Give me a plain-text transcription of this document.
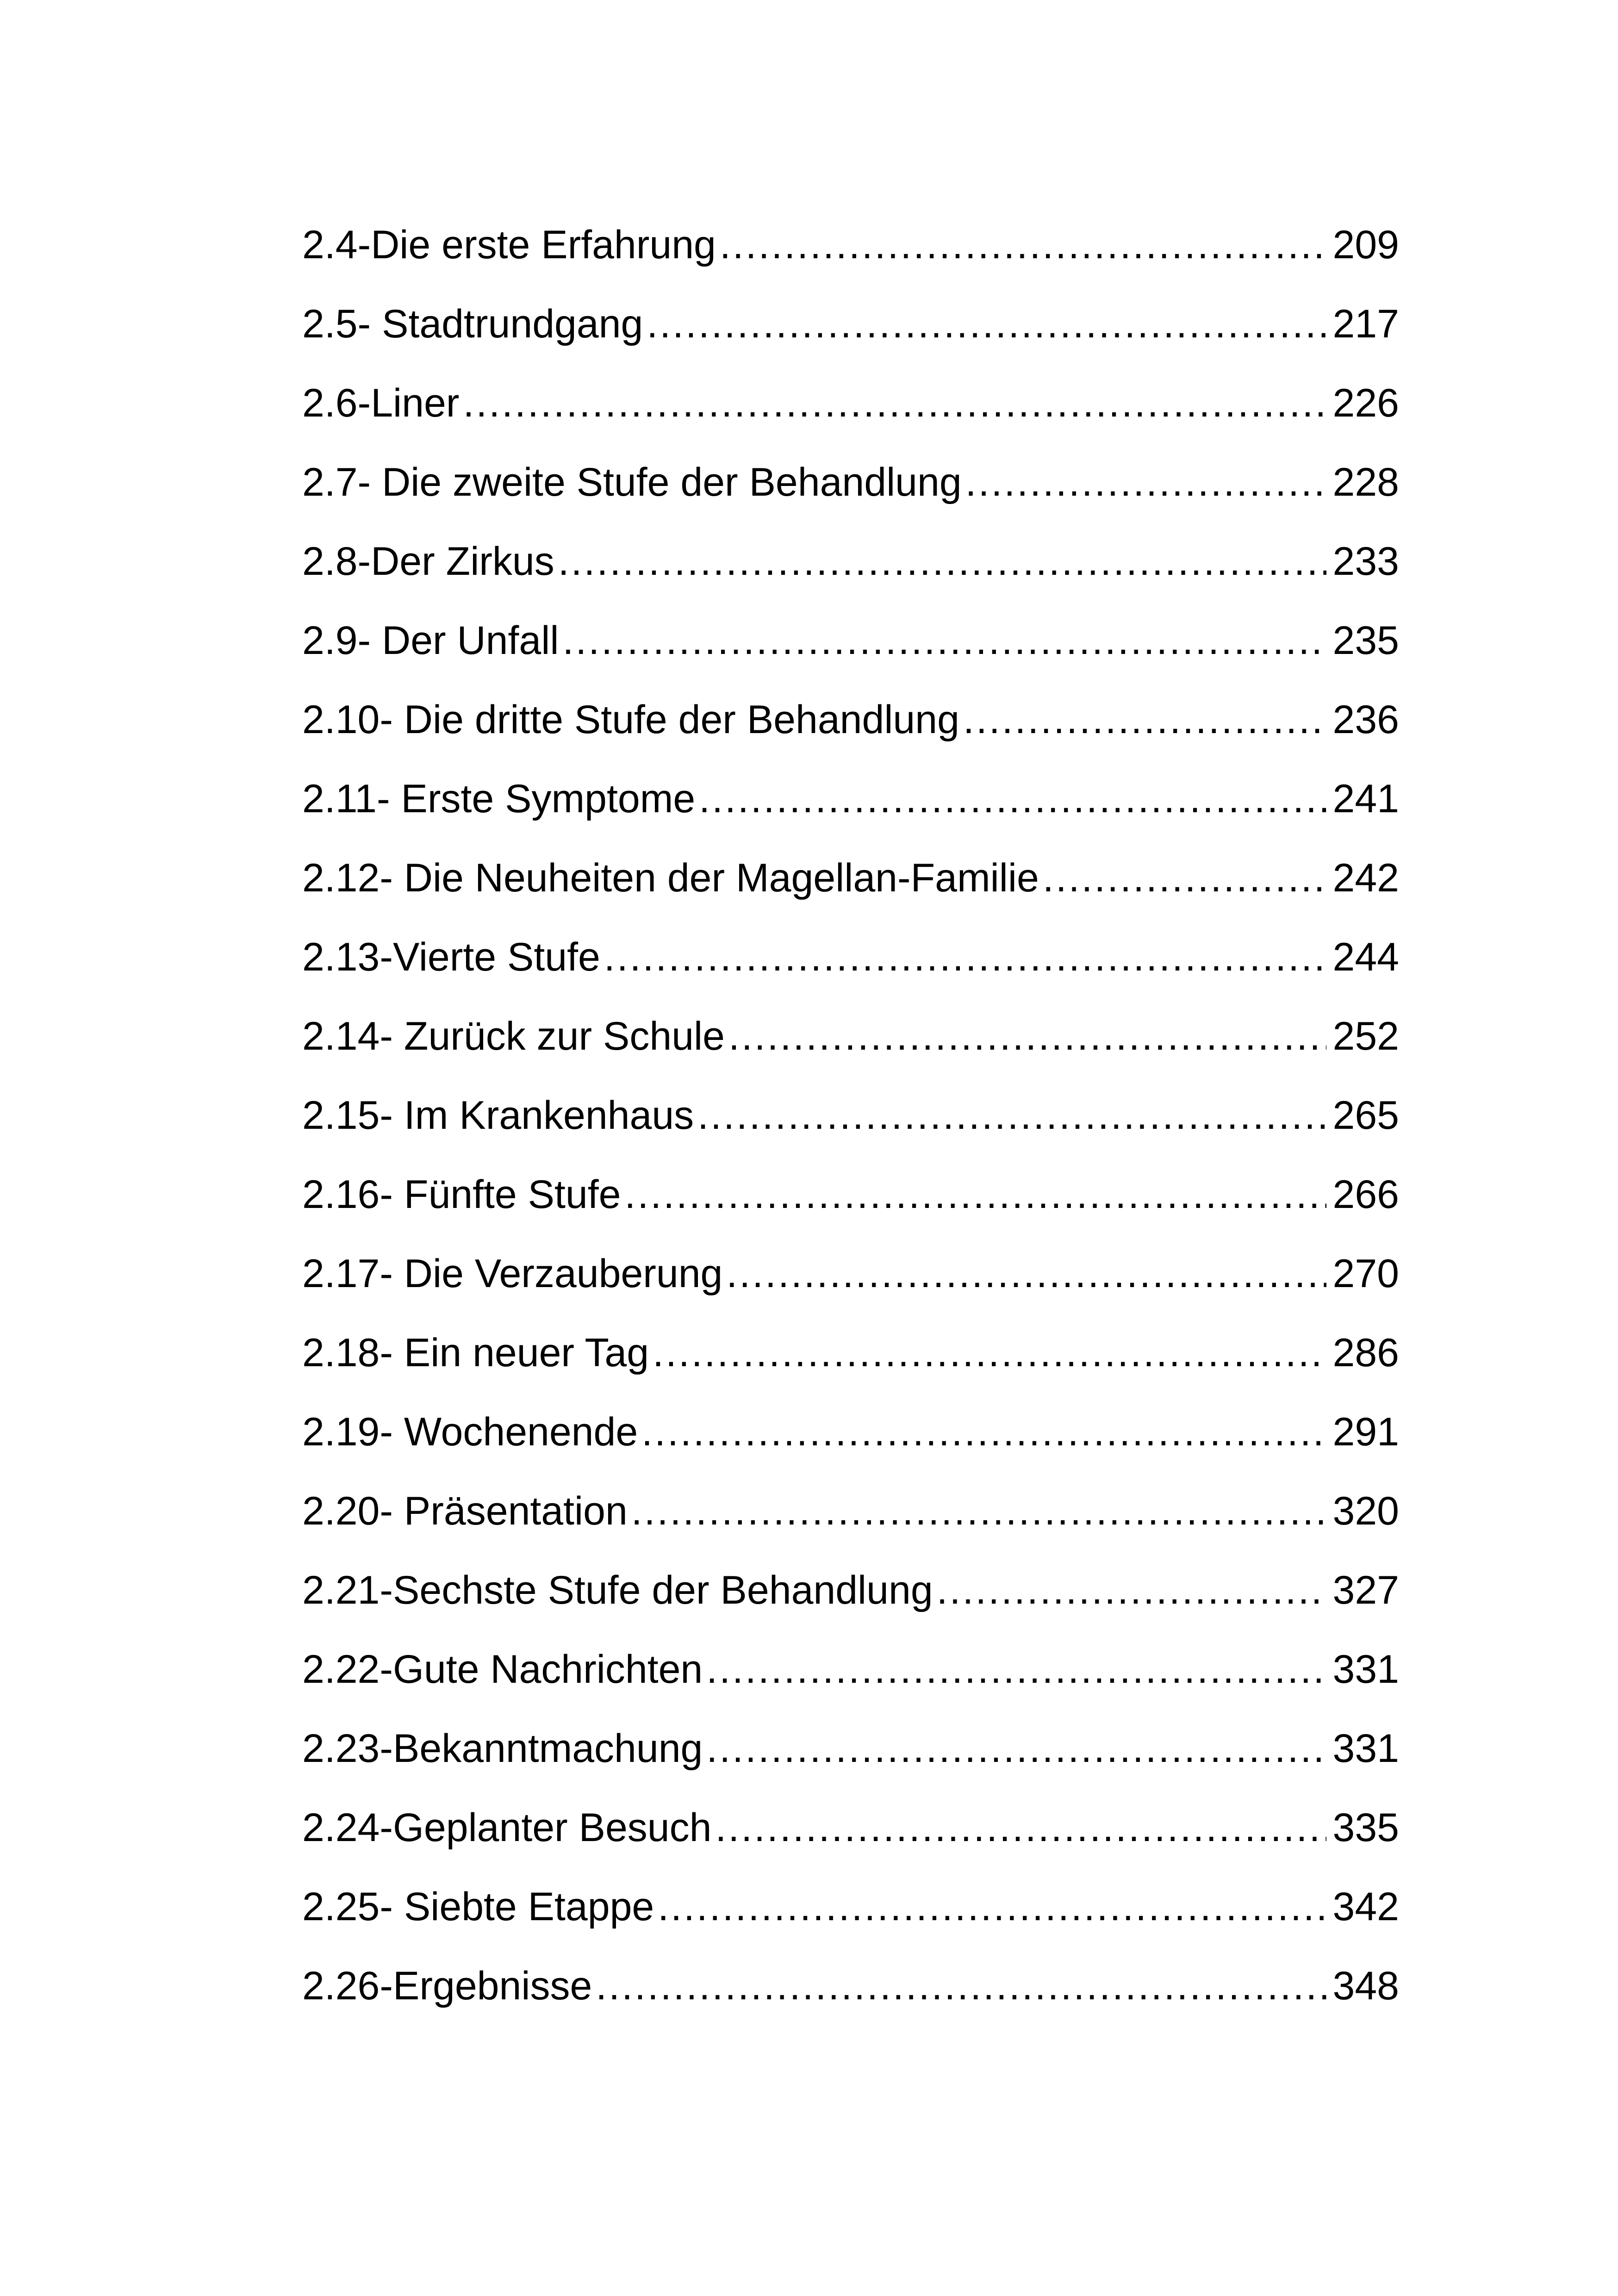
2.4-Die erste Erfahrung .....	209
2.5- Stadtrundgang .....	217
2.6-Liner .....	226
2.7- Die zweite Stufe der Behandlung .....	228
2.8-Der Zirkus .....	233
2.9- Der Unfall .....	235
2.10- Die dritte Stufe der Behandlung .....	236
2.11- Erste Symptome .....	241
2.12- Die Neuheiten der Magellan-Familie .....	242
2.13-Vierte Stufe .....	244
2.14- Zurück zur Schule .....	252
2.15- Im Krankenhaus .....	265
2.16- Fünfte Stufe .....	266
2.17- Die Verzauberung .....	270
2.18- Ein neuer Tag .....	286
2.19- Wochenende .....	291
2.20- Präsentation .....	320
2.21-Sechste Stufe der Behandlung .....	327
2.22-Gute Nachrichten .....	331
2.23-Bekanntmachung .....	331
2.24-Geplanter Besuch .....	335
2.25- Siebte Etappe .....	342
2.26-Ergebnisse .....	348
